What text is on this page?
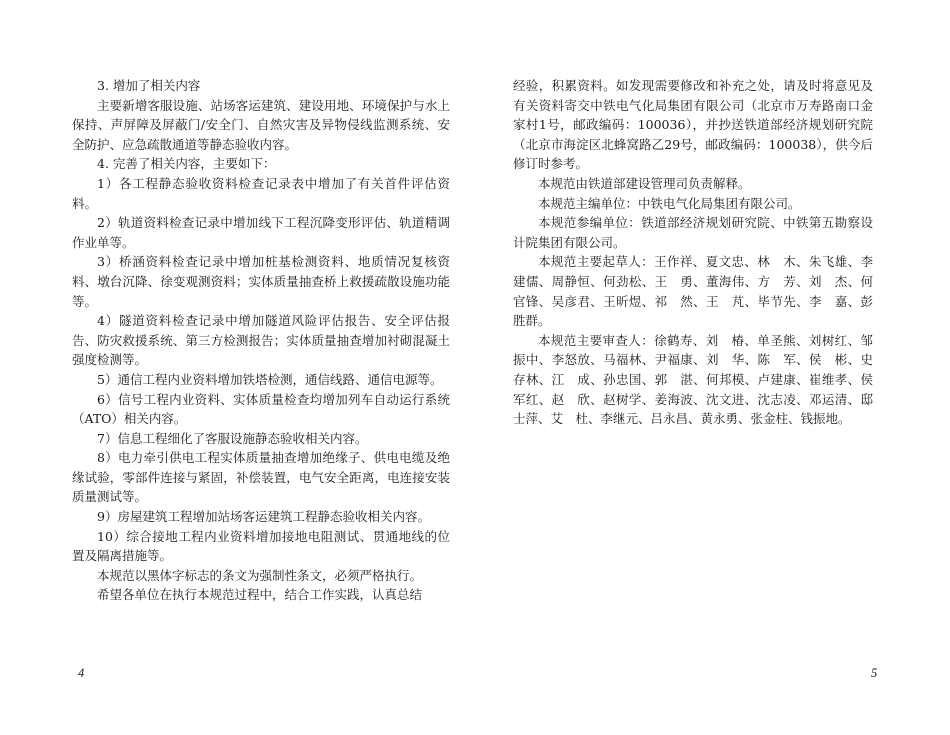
3. 增加了相关内容

主要新增客服设施、站场客运建筑、建设用地、环境保护与水上保持、声屏障及屏蔽门/安全门、自然灾害及异物侵线监测系统、安全防护、应急疏散通道等静态验收内容。

4. 完善了相关内容，主要如下：

1）各工程静态验收资料检查记录表中增加了有关首件评估资料。

2）轨道资料检查记录中增加线下工程沉降变形评估、轨道精调作业单等。

3）桥涵资料检查记录中增加桩基检测资料、地质情况复核资料、墩台沉降、徐变观测资料；实体质量抽查桥上救援疏散设施功能等。

4）隧道资料检查记录中增加隧道风险评估报告、安全评估报告、防灾救援系统、第三方检测报告；实体质量抽查增加衬砌混凝土强度检测等。

5）通信工程内业资料增加铁塔检测，通信线路、通信电源等。

6）信号工程内业资料、实体质量检查均增加列车自动运行系统（ATO）相关内容。

7）信息工程细化了客服设施静态验收相关内容。

8）电力牵引供电工程实体质量抽查增加绝缘子、供电电缆及绝缘试验，零部件连接与紧固，补偿装置，电气安全距离，电连接安装质量测试等。

9）房屋建筑工程增加站场客运建筑工程静态验收相关内容。

10）综合接地工程内业资料增加接地电阻测试、贯通地线的位置及隔离措施等。

本规范以黑体字标志的条文为强制性条文，必须严格执行。

希望各单位在执行本规范过程中，结合工作实践，认真总结

4

经验，积累资料。如发现需要修改和补充之处，请及时将意见及有关资料寄交中铁电气化局集团有限公司（北京市万寿路南口金家村1号，邮政编码：100036），并抄送铁道部经济规划研究院（北京市海淀区北蜂窝路乙29号，邮政编码：100038），供今后修订时参考。

本规范由铁道部建设管理司负责解释。

本规范主编单位：中铁电气化局集团有限公司。

本规范参编单位：铁道部经济规划研究院、中铁第五勘察设计院集团有限公司。

本规范主要起草人：王作祥、夏文忠、林　木、朱飞雄、李建儒、周静恒、何劲松、王　勇、董海伟、方　芳、刘　杰、何官锋、吴彦君、王昕煜、祁　然、王　芃、毕节先、李　嘉、彭胜群。

本规范主要审查人：徐鹤寿、刘　椿、单圣熊、刘树红、邹振中、李怒放、马福林、尹福康、刘　华、陈　军、侯　彬、史存林、江　成、孙忠国、郭　湛、何邦模、卢建康、崔维孝、侯军红、赵　欣、赵树学、姜海波、沈文进、沈志凌、邓运清、邸士萍、艾　杜、李继元、吕永昌、黄永勇、张金柱、钱振地。

5
